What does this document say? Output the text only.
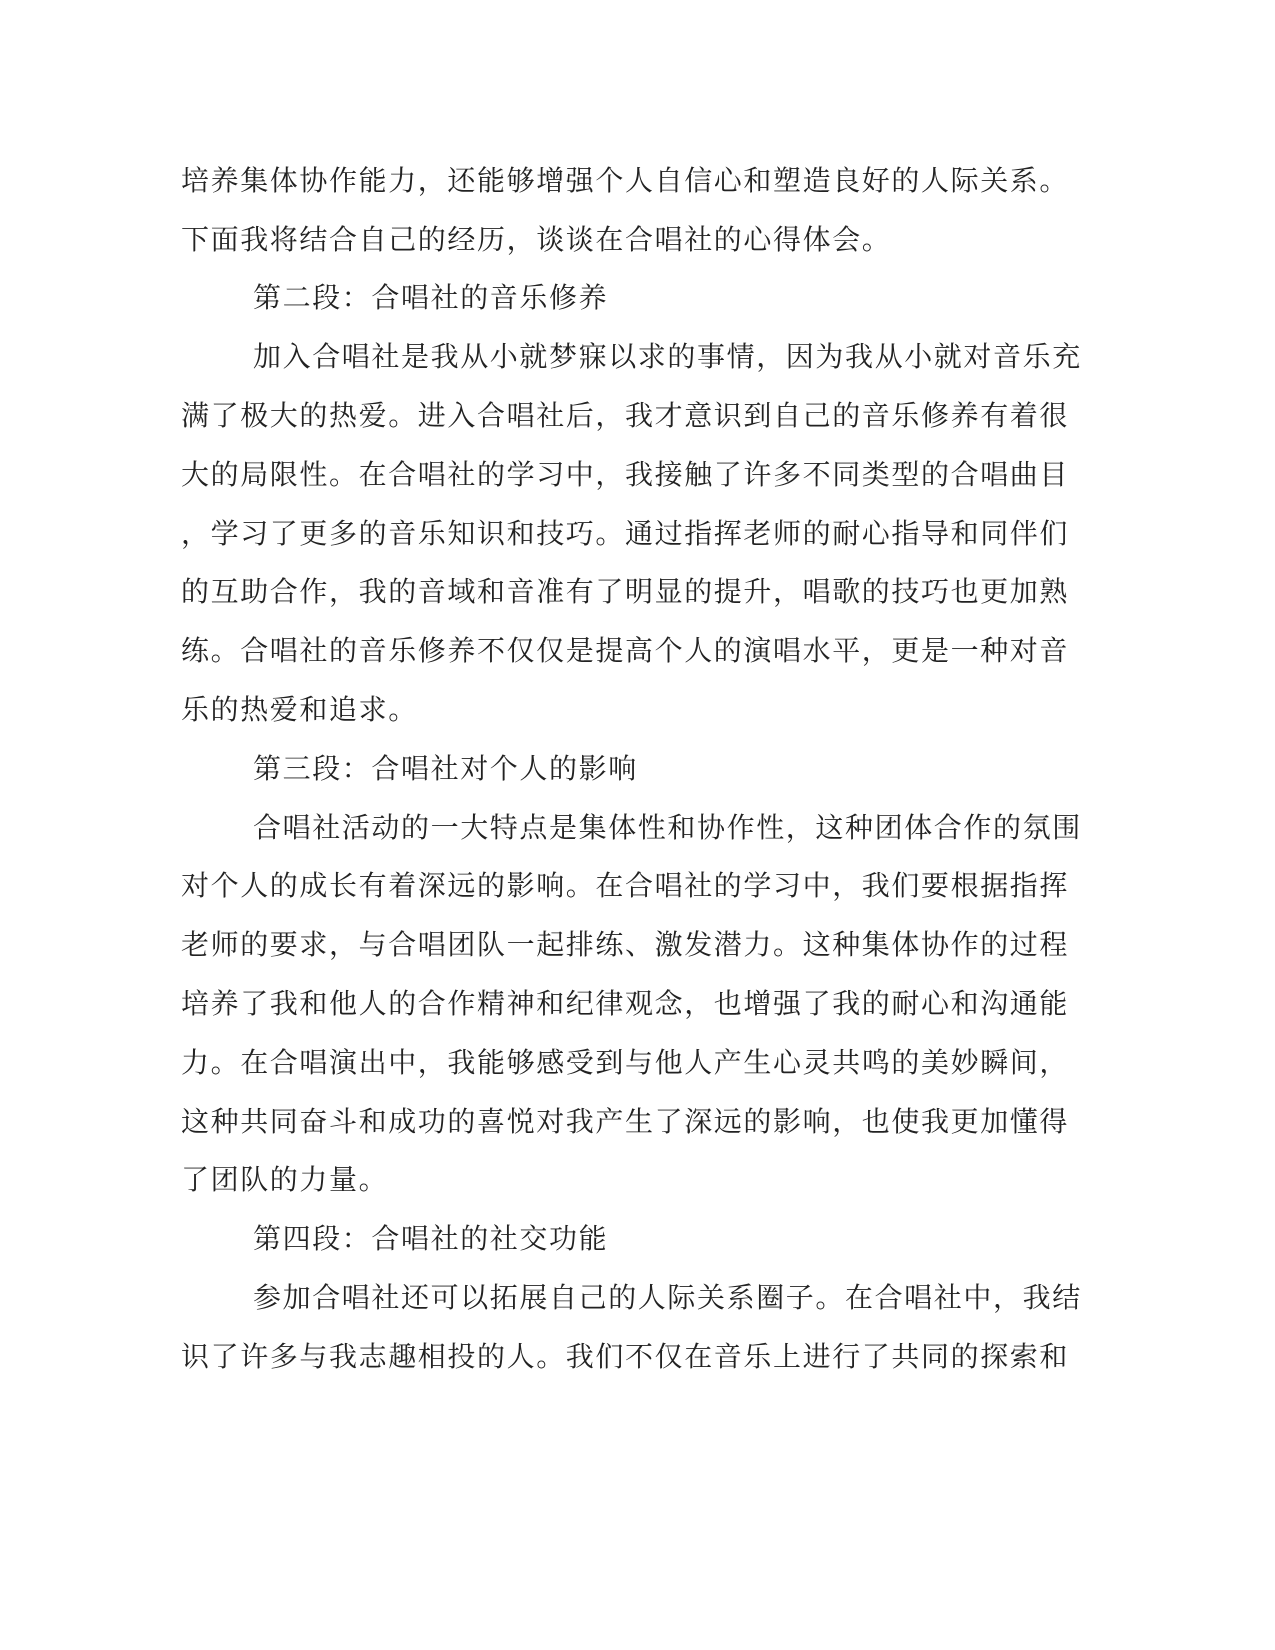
培养集体协作能力，还能够增强个人自信心和塑造良好的人际关系。
下面我将结合自己的经历，谈谈在合唱社的心得体会。
第二段：合唱社的音乐修养
加入合唱社是我从小就梦寐以求的事情，因为我从小就对音乐充
满了极大的热爱。进入合唱社后，我才意识到自己的音乐修养有着很
大的局限性。在合唱社的学习中，我接触了许多不同类型的合唱曲目
，学习了更多的音乐知识和技巧。通过指挥老师的耐心指导和同伴们
的互助合作，我的音域和音准有了明显的提升，唱歌的技巧也更加熟
练。合唱社的音乐修养不仅仅是提高个人的演唱水平，更是一种对音
乐的热爱和追求。
第三段：合唱社对个人的影响
合唱社活动的一大特点是集体性和协作性，这种团体合作的氛围
对个人的成长有着深远的影响。在合唱社的学习中，我们要根据指挥
老师的要求，与合唱团队一起排练、激发潜力。这种集体协作的过程
培养了我和他人的合作精神和纪律观念，也增强了我的耐心和沟通能
力。在合唱演出中，我能够感受到与他人产生心灵共鸣的美妙瞬间，
这种共同奋斗和成功的喜悦对我产生了深远的影响，也使我更加懂得
了团队的力量。
第四段：合唱社的社交功能
参加合唱社还可以拓展自己的人际关系圈子。在合唱社中，我结
识了许多与我志趣相投的人。我们不仅在音乐上进行了共同的探索和
